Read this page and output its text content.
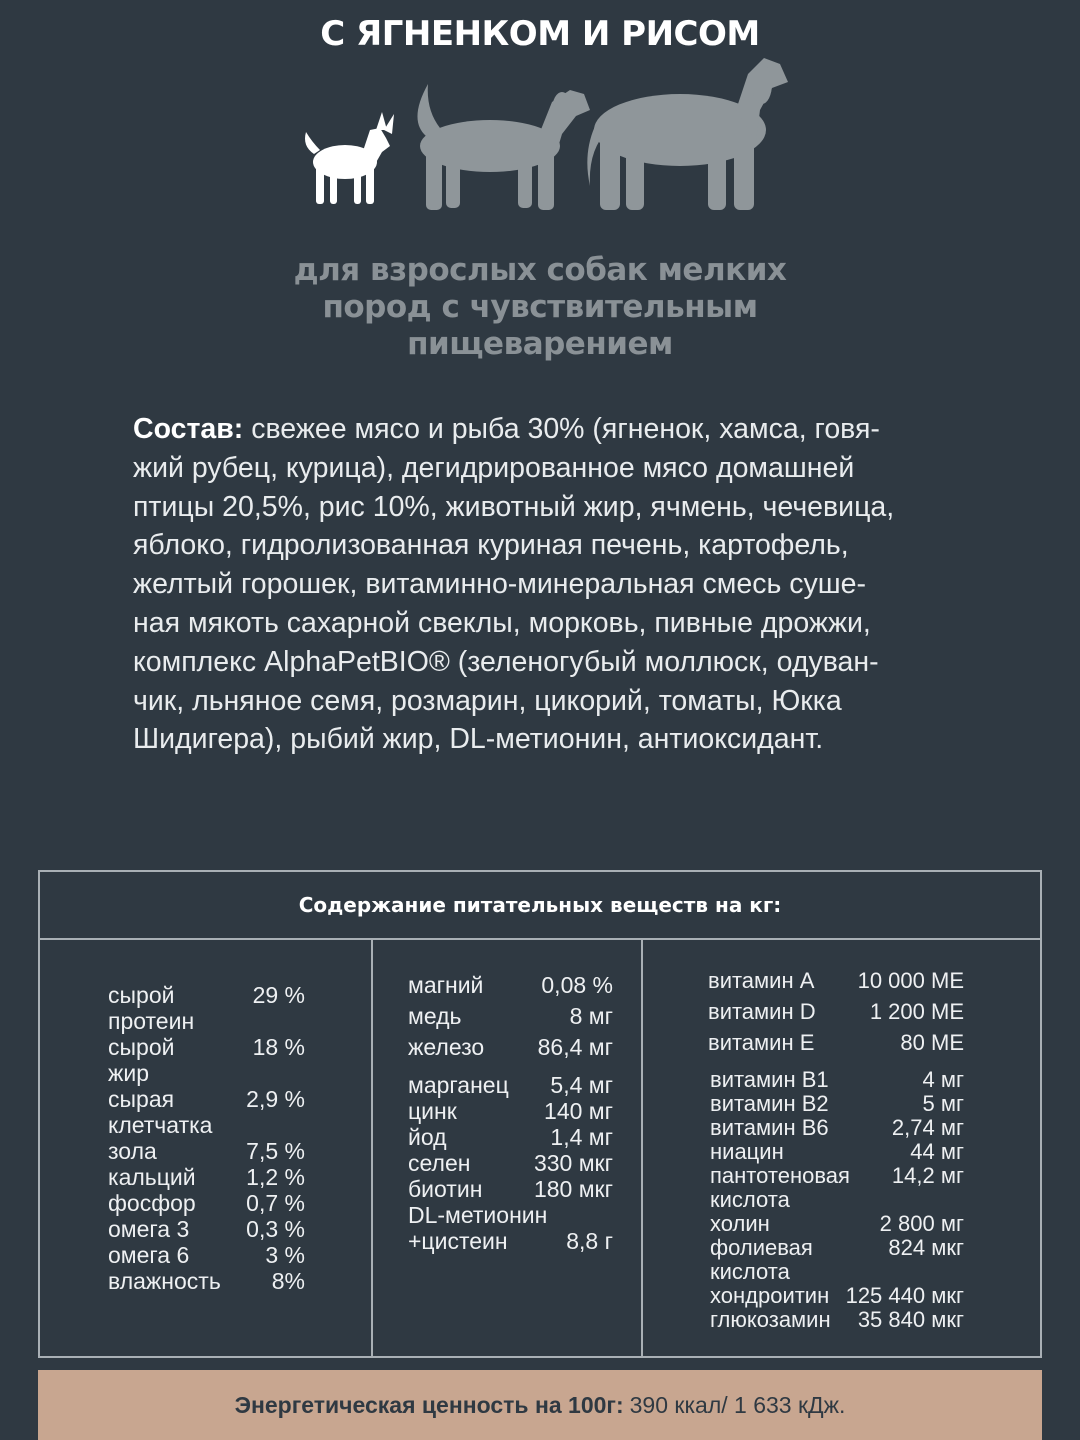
С ЯГНЕНКОМ И РИСОМ
для взрослых собак мелких
пород с чувствительным
пищеварением
Состав: свежее мясо и рыба 30% (ягненок, хамса, говя-
жий рубец, курица), дегидрированное мясо домашней
птицы 20,5%, рис 10%, животный жир, ячмень, чечевица,
яблоко, гидролизованная куриная печень, картофель,
желтый горошек, витаминно-минеральная смесь суше-
ная мякоть сахарной свеклы, морковь, пивные дрожжи,
комплекс AlphaPetBIO® (зеленогубый моллюск, одуван-
чик, льняное семя, розмарин, цикорий, томаты, Юкка
Шидигера), рыбий жир, DL-метионин, антиоксидант.
Содержание питательных веществ на кг:
сырой	29 %
протеин
сырой	18 %
жир
сырая	2,9 %
клетчатка
зола	7,5 %
кальций 1,2 %
фосфор 0,7 %
омега 3 0,3 %
омега 6	3 %
влажность 8%
магний	0,08 %
медь	8 мг
железо 86,4 мг
марганец 5,4 мг
цинк	140 мг
йод	1,4 мг
селен	330 мкг
биотин 180 мкг
DL-метионин
+цистеин	8,8 г
витамин А 10 000 МЕ
витамин D 1 200 МЕ
витамин Е	80 МЕ
витамин B1	4 мг
витамин B2	5 мг
витамин B6	2,74 мг
ниацин	44 мг
пантотеновая 14,2 мг
кислота
холин	2 800 мг
фолиевая	824 мкг
кислота
хондроитин 125 440 мкг
глюкозамин 35 840 мкг
Энергетическая ценность на 100г: 390 ккал/ 1 633 кДж.
